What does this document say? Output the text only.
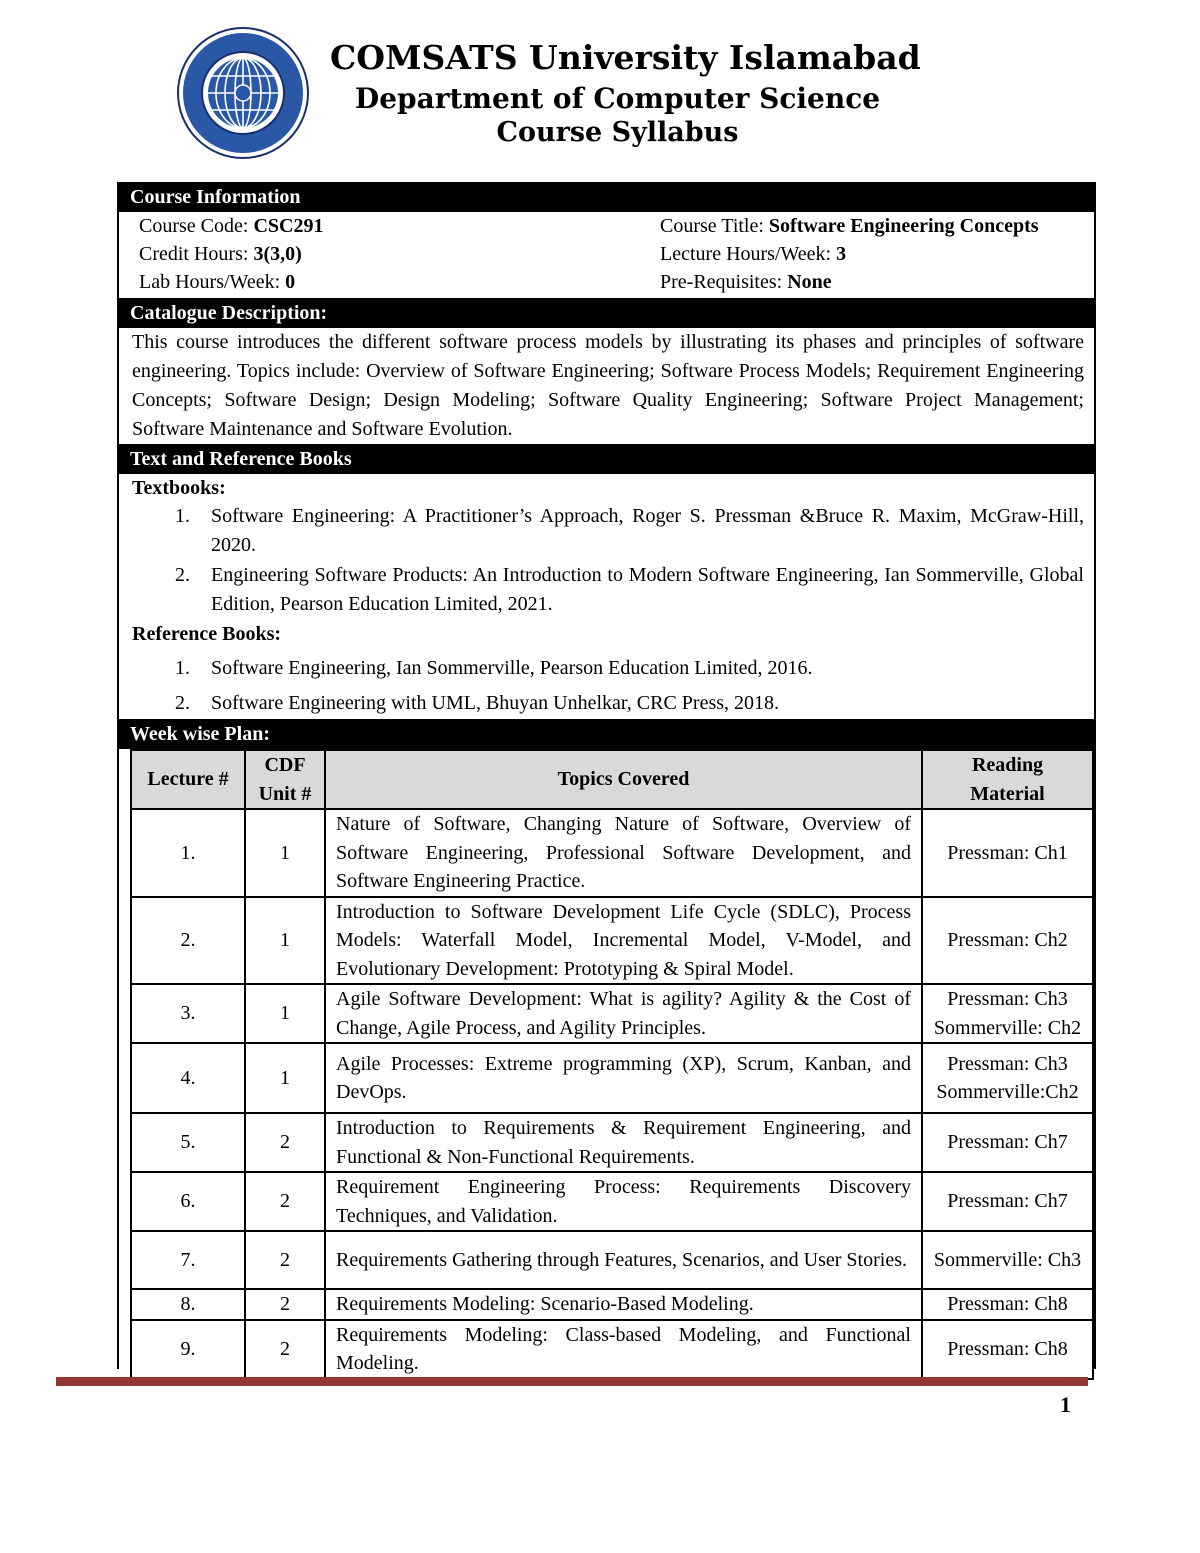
COMSATS University Islamabad
Department of Computer Science
Course Syllabus
Course Information
Course Code: CSC291	Course Title: Software Engineering Concepts
Credit Hours: 3(3,0)	Lecture Hours/Week: 3
Lab Hours/Week: 0	Pre-Requisites: None
Catalogue Description:
This course introduces the different software process models by illustrating its phases and principles of software engineering. Topics include: Overview of Software Engineering; Software Process Models; Requirement Engineering Concepts; Software Design; Design Modeling; Software Quality Engineering; Software Project Management; Software Maintenance and Software Evolution.
Text and Reference Books
Textbooks:
1. Software Engineering: A Practitioner’s Approach, Roger S. Pressman &Bruce R. Maxim, McGraw-Hill, 2020.
2. Engineering Software Products: An Introduction to Modern Software Engineering, Ian Sommerville, Global Edition, Pearson Education Limited, 2021.
Reference Books:
1. Software Engineering, Ian Sommerville, Pearson Education Limited, 2016.
2. Software Engineering with UML, Bhuyan Unhelkar, CRC Press, 2018.
Week wise Plan:
Lecture #	CDF Unit #	Topics Covered	Reading Material
1.	1	Nature of Software, Changing Nature of Software, Overview of Software Engineering, Professional Software Development, and Software Engineering Practice.	Pressman: Ch1
2.	1	Introduction to Software Development Life Cycle (SDLC), Process Models: Waterfall Model, Incremental Model, V-Model, and Evolutionary Development: Prototyping & Spiral Model.	Pressman: Ch2
3.	1	Agile Software Development: What is agility? Agility & the Cost of Change, Agile Process, and Agility Principles.	Pressman: Ch3 Sommerville: Ch2
4.	1	Agile Processes: Extreme programming (XP), Scrum, Kanban, and DevOps.	Pressman: Ch3 Sommerville:Ch2
5.	2	Introduction to Requirements & Requirement Engineering, and Functional & Non-Functional Requirements.	Pressman: Ch7
6.	2	Requirement Engineering Process: Requirements Discovery Techniques, and Validation.	Pressman: Ch7
7.	2	Requirements Gathering through Features, Scenarios, and User Stories.	Sommerville: Ch3
8.	2	Requirements Modeling: Scenario-Based Modeling.	Pressman: Ch8
9.	2	Requirements Modeling: Class-based Modeling, and Functional Modeling.	Pressman: Ch8
1
